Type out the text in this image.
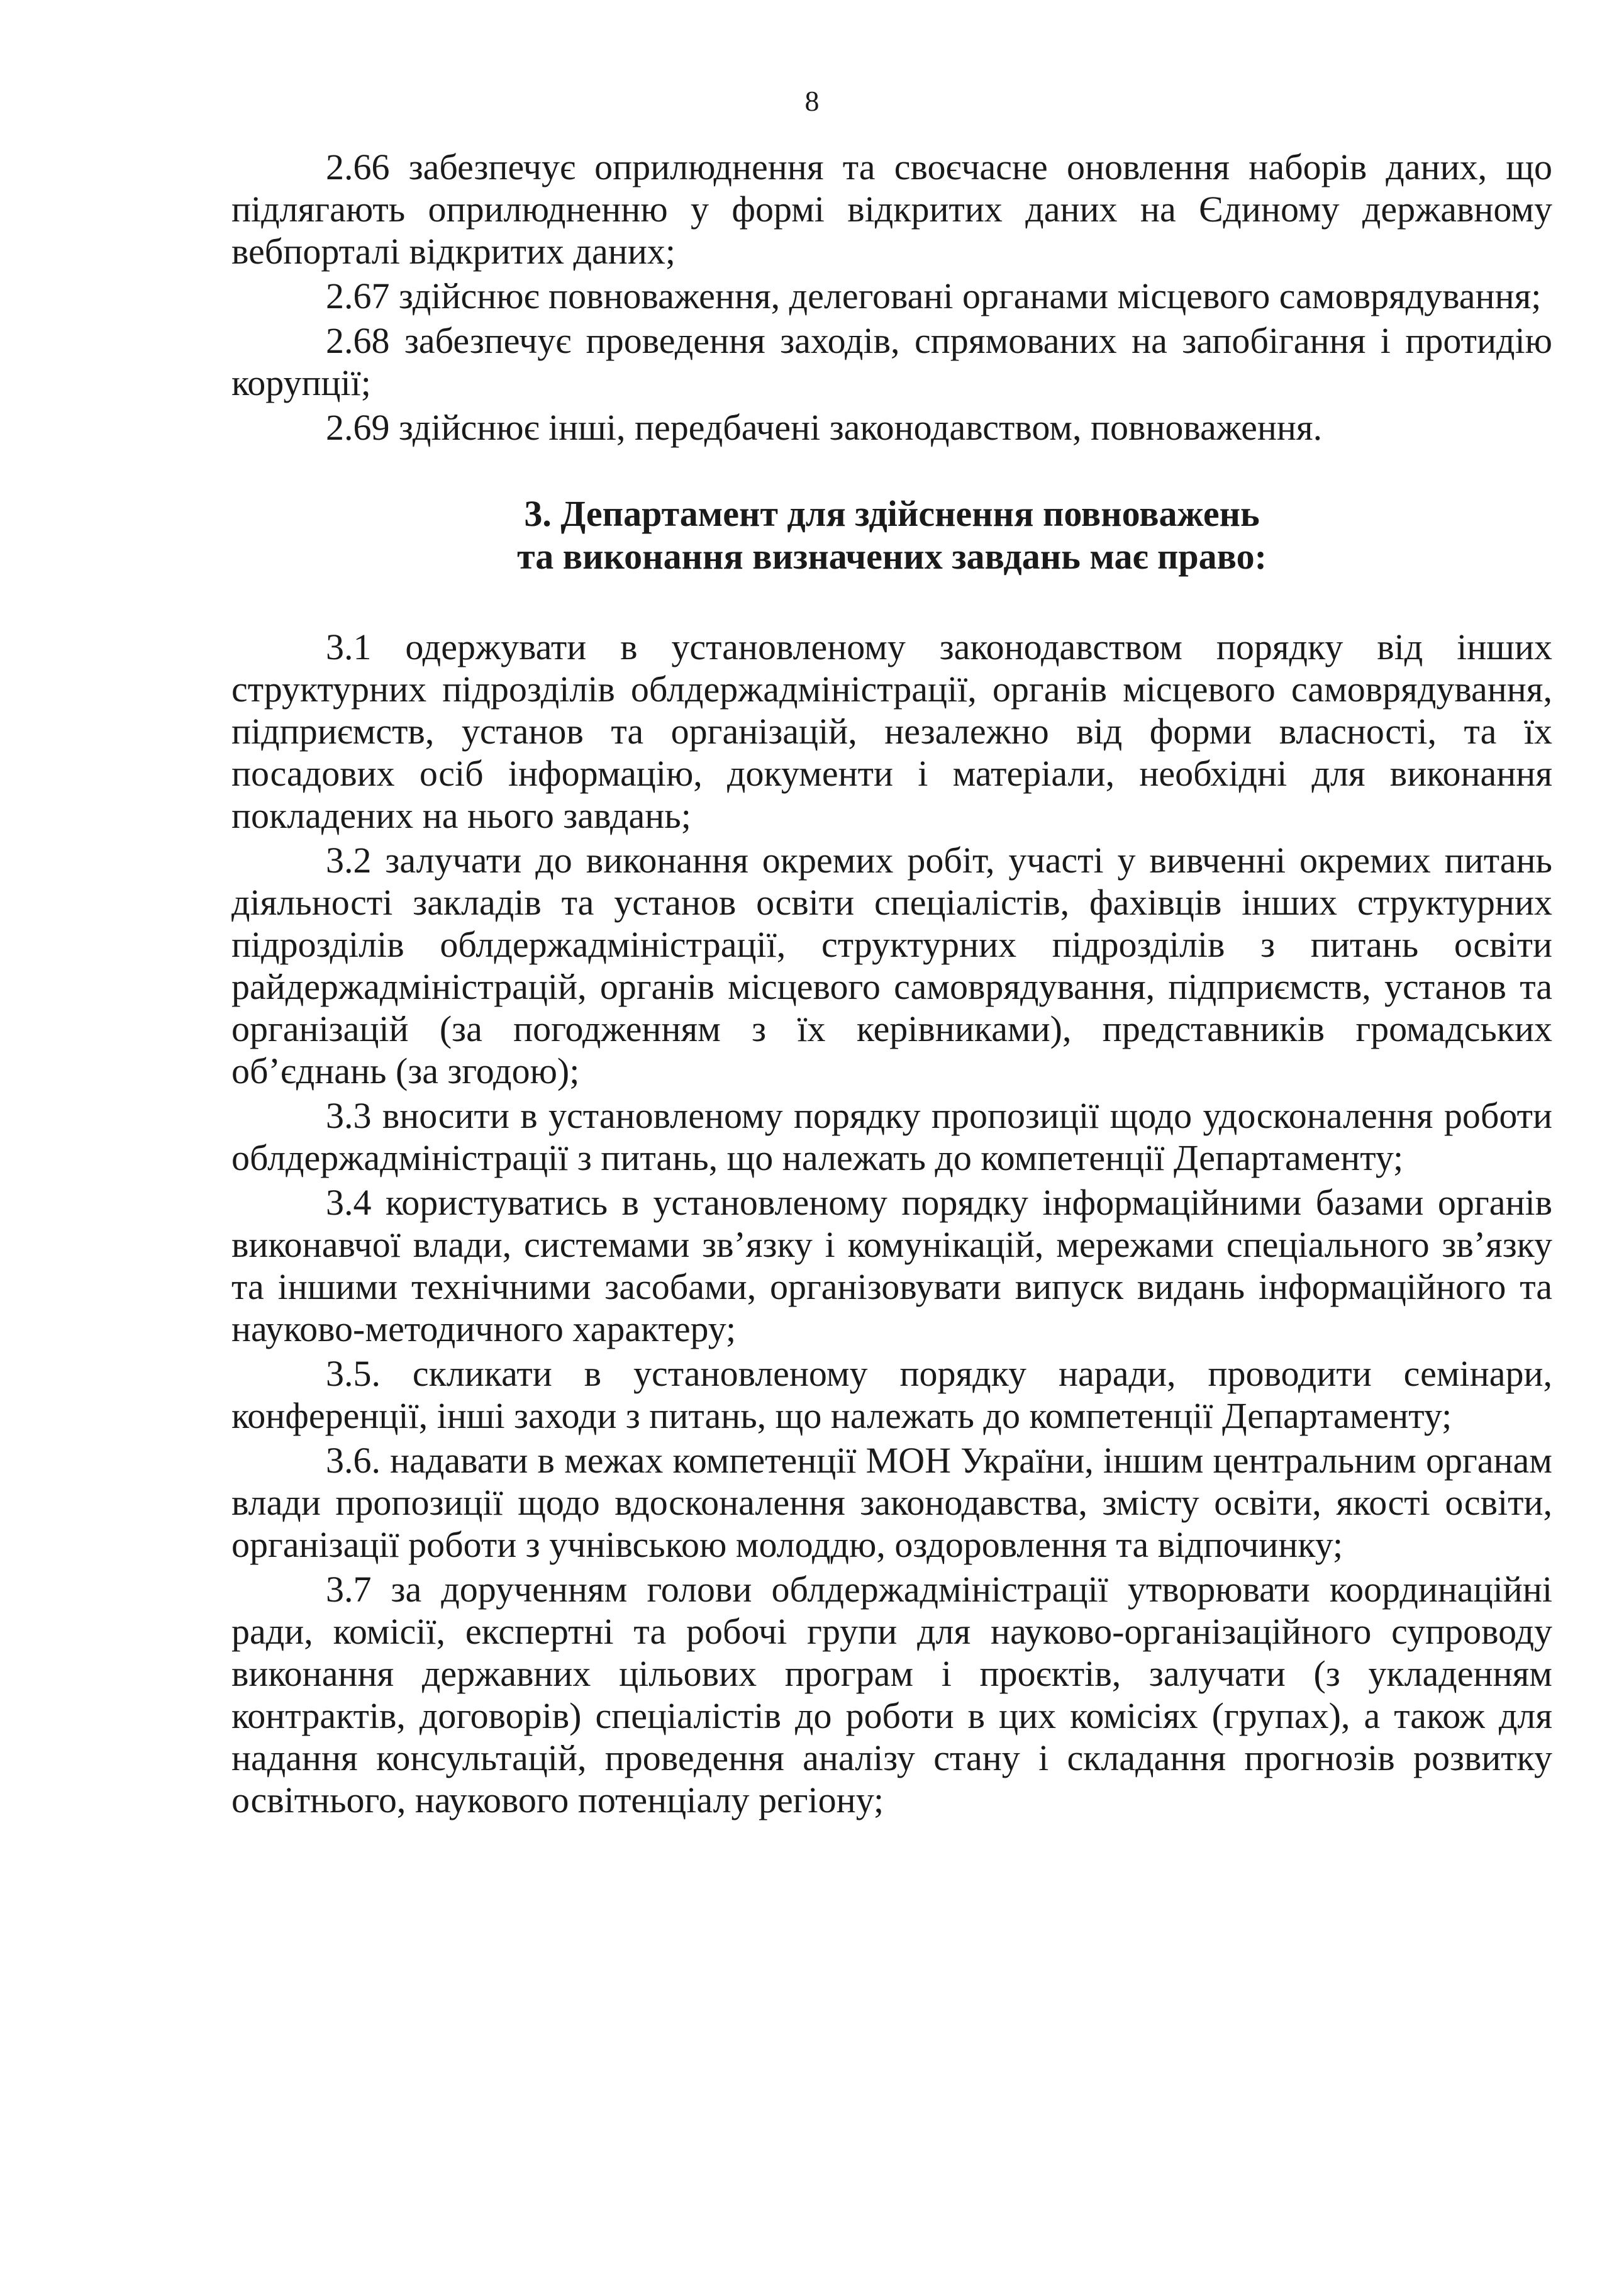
8

2.66 забезпечує оприлюднення та своєчасне оновлення наборів даних, що підлягають оприлюдненню у формі відкритих даних на Єдиному державному вебпорталі відкритих даних;

2.67 здійснює повноваження, делеговані органами місцевого самоврядування;

2.68 забезпечує проведення заходів, спрямованих на запобігання і протидію корупції;

2.69 здійснює інші, передбачені законодавством, повноваження.

3. Департамент для здійснення повноважень
та виконання визначених завдань має право:

3.1 одержувати в установленому законодавством порядку від інших структурних підрозділів облдержадміністрації, органів місцевого самоврядування, підприємств, установ та організацій, незалежно від форми власності, та їх посадових осіб інформацію, документи і матеріали, необхідні для виконання покладених на нього завдань;

3.2 залучати до виконання окремих робіт, участі у вивченні окремих питань діяльності закладів та установ освіти спеціалістів, фахівців інших структурних підрозділів облдержадміністрації, структурних підрозділів з питань освіти райдержадміністрацій, органів місцевого самоврядування, підприємств, установ та організацій (за погодженням з їх керівниками), представників громадських об’єднань (за згодою);

3.3 вносити в установленому порядку пропозиції щодо удосконалення роботи облдержадміністрації з питань, що належать до компетенції Департаменту;

3.4 користуватись в установленому порядку інформаційними базами органів виконавчої влади, системами зв’язку і комунікацій, мережами спеціального зв’язку та іншими технічними засобами, організовувати випуск видань інформаційного та науково-методичного характеру;

3.5. скликати в установленому порядку наради, проводити семінари, конференції, інші заходи з питань, що належать до компетенції Департаменту;

3.6. надавати в межах компетенції МОН України, іншим центральним органам влади пропозиції щодо вдосконалення законодавства, змісту освіти, якості освіти, організації роботи з учнівською молоддю, оздоровлення та відпочинку;

3.7 за дорученням голови облдержадміністрації утворювати координаційні ради, комісії, експертні та робочі групи для науково-організаційного супроводу виконання державних цільових програм і проєктів, залучати (з укладенням контрактів, договорів) спеціалістів до роботи в цих комісіях (групах), а також для надання консультацій, проведення аналізу стану і складання прогнозів розвитку освітнього, наукового потенціалу регіону;
